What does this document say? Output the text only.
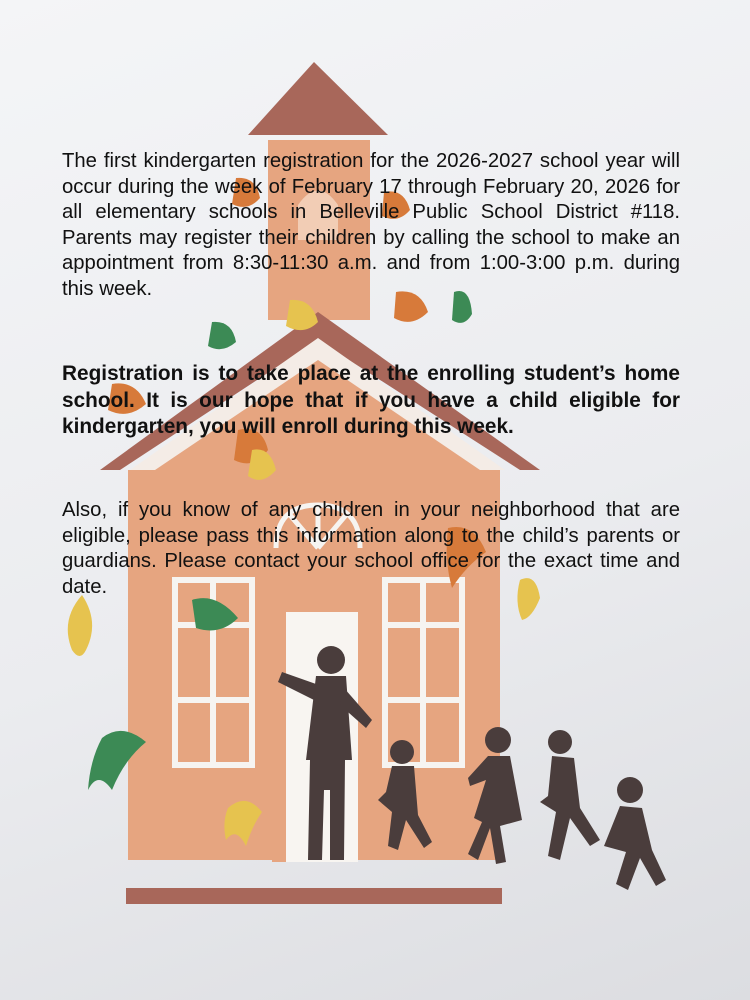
The first kindergarten registration for the 2026-2027 school year will occur during the week of February 17 through February 20, 2026 for all elementary schools in Belleville Public School District #118. Parents may register their children by calling the school to make an appointment from 8:30-11:30 a.m. and from 1:00-3:00 p.m. during this week.

Registration is to take place at the enrolling student’s home school. It is our hope that if you have a child eligible for kindergarten, you will enroll during this week.

Also, if you know of any children in your neighborhood that are eligible, please pass this information along to the child’s parents or guardians. Please contact your school office for the exact time and date.
